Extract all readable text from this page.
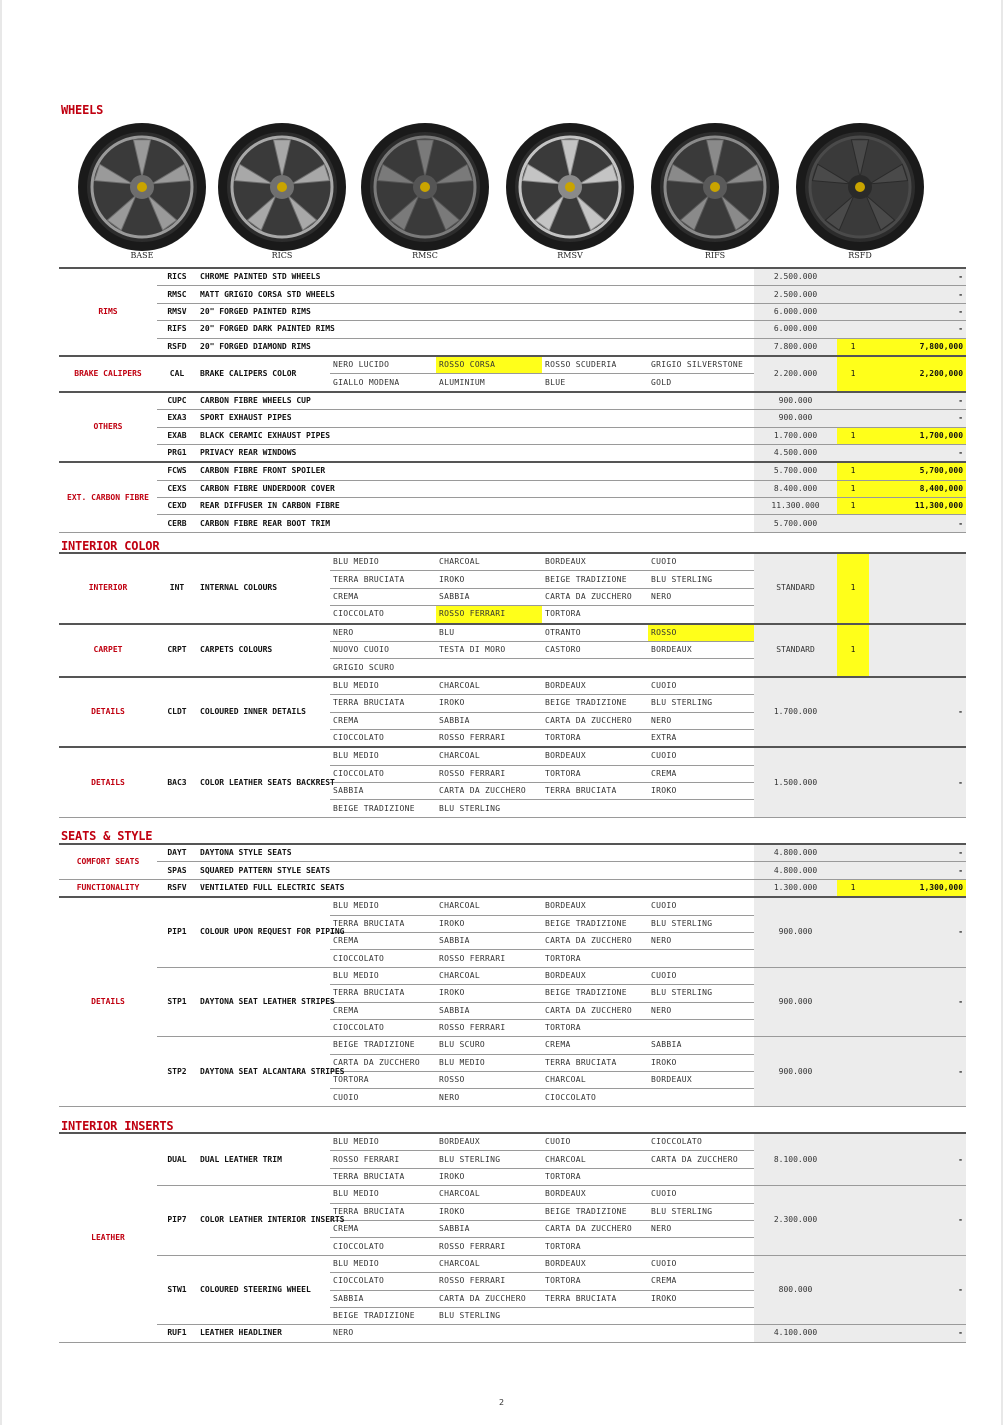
WHEELS
BASE	RICS	RMSC	RMSV	RIFS	RSFD
INTERIOR COLOR
SEATS & STYLE
INTERIOR INSERTS
RIMS	RICS	CHROME PAINTED STD WHEELS					2.500.000		-
	RMSC	MATT GRIGIO CORSA STD WHEELS					2.500.000		-
	RMSV	20" FORGED PAINTED RIMS					6.000.000		-
	RIFS	20" FORGED DARK PAINTED RIMS					6.000.000		-
	RSFD	20" FORGED DIAMOND RIMS					7.800.000	1	7,800,000
BRAKE CALIPERS	CAL	BRAKE CALIPERS COLOR	NERO LUCIDO	ROSSO CORSA	ROSSO SCUDERIA	GRIGIO SILVERSTONE	2.200.000	1	2,200,000
			GIALLO MODENA	ALUMINIUM	BLUE	GOLD			
OTHERS	CUPC	CARBON FIBRE WHEELS CUP					900.000		-
	EXA3	SPORT EXHAUST PIPES					900.000		-
	EXAB	BLACK CERAMIC EXHAUST PIPES					1.700.000	1	1,700,000
	PRG1	PRIVACY REAR WINDOWS					4.500.000		-
EXT. CARBON FIBRE	FCWS	CARBON FIBRE FRONT SPOILER					5.700.000	1	5,700,000
	CEXS	CARBON FIBRE UNDERDOOR COVER					8.400.000	1	8,400,000
	CEXD	REAR DIFFUSER IN CARBON FIBRE					11.300.000	1	11,300,000
	CERB	CARBON FIBRE REAR BOOT TRIM					5.700.000		-
INTERIOR	INT	INTERNAL COLOURS	BLU MEDIO	CHARCOAL	BORDEAUX	CUOIO	STANDARD	1	
			TERRA BRUCIATA	IROKO	BEIGE TRADIZIONE	BLU STERLING			
			CREMA	SABBIA	CARTA DA ZUCCHERO	NERO			
			CIOCCOLATO	ROSSO FERRARI	TORTORA				
CARPET	CRPT	CARPETS COLOURS	NERO	BLU	OTRANTO	ROSSO	STANDARD	1	
			NUOVO CUOIO	TESTA DI MORO	CASTORO	BORDEAUX			
			GRIGIO SCURO						
DETAILS	CLDT	COLOURED INNER DETAILS	BLU MEDIO	CHARCOAL	BORDEAUX	CUOIO	1.700.000		-
			TERRA BRUCIATA	IROKO	BEIGE TRADIZIONE	BLU STERLING			
			CREMA	SABBIA	CARTA DA ZUCCHERO	NERO			
			CIOCCOLATO	ROSSO FERRARI	TORTORA	EXTRA			
DETAILS	BAC3	COLOR LEATHER SEATS BACKREST	BLU MEDIO	CHARCOAL	BORDEAUX	CUOIO	1.500.000		-
			CIOCCOLATO	ROSSO FERRARI	TORTORA	CREMA			
			SABBIA	CARTA DA ZUCCHERO	TERRA BRUCIATA	IROKO			
			BEIGE TRADIZIONE	BLU STERLING					
COMFORT SEATS	DAYT	DAYTONA STYLE SEATS					4.800.000		-
	SPAS	SQUARED PATTERN STYLE SEATS					4.800.000		-
FUNCTIONALITY	RSFV	VENTILATED FULL ELECTRIC SEATS					1.300.000	1	1,300,000
DETAILS	PIP1	COLOUR UPON REQUEST FOR PIPING	BLU MEDIO	CHARCOAL	BORDEAUX	CUOIO	900.000		-
			TERRA BRUCIATA	IROKO	BEIGE TRADIZIONE	BLU STERLING			
			CREMA	SABBIA	CARTA DA ZUCCHERO	NERO			
			CIOCCOLATO	ROSSO FERRARI	TORTORA				
	STP1	DAYTONA SEAT LEATHER STRIPES	BLU MEDIO	CHARCOAL	BORDEAUX	CUOIO	900.000		-
			TERRA BRUCIATA	IROKO	BEIGE TRADIZIONE	BLU STERLING			
			CREMA	SABBIA	CARTA DA ZUCCHERO	NERO			
			CIOCCOLATO	ROSSO FERRARI	TORTORA				
	STP2	DAYTONA SEAT ALCANTARA STRIPES	BEIGE TRADIZIONE	BLU SCURO	CREMA	SABBIA	900.000		-
			CARTA DA ZUCCHERO	BLU MEDIO	TERRA BRUCIATA	IROKO			
			TORTORA	ROSSO	CHARCOAL	BORDEAUX			
			CUOIO	NERO	CIOCCOLATO				
LEATHER	DUAL	DUAL LEATHER TRIM	BLU MEDIO	BORDEAUX	CUOIO	CIOCCOLATO	8.100.000		-
			ROSSO FERRARI	BLU STERLING	CHARCOAL	CARTA DA ZUCCHERO			
			TERRA BRUCIATA	IROKO	TORTORA				
	PIP7	COLOR LEATHER INTERIOR INSERTS	BLU MEDIO	CHARCOAL	BORDEAUX	CUOIO	2.300.000		-
			TERRA BRUCIATA	IROKO	BEIGE TRADIZIONE	BLU STERLING			
			CREMA	SABBIA	CARTA DA ZUCCHERO	NERO			
			CIOCCOLATO	ROSSO FERRARI	TORTORA				
	STW1	COLOURED STEERING WHEEL	BLU MEDIO	CHARCOAL	BORDEAUX	CUOIO	800.000		-
			CIOCCOLATO	ROSSO FERRARI	TORTORA	CREMA			
			SABBIA	CARTA DA ZUCCHERO	TERRA BRUCIATA	IROKO			
			BEIGE TRADIZIONE	BLU STERLING					
	RUF1	LEATHER HEADLINER	NERO				4.100.000		-
2
